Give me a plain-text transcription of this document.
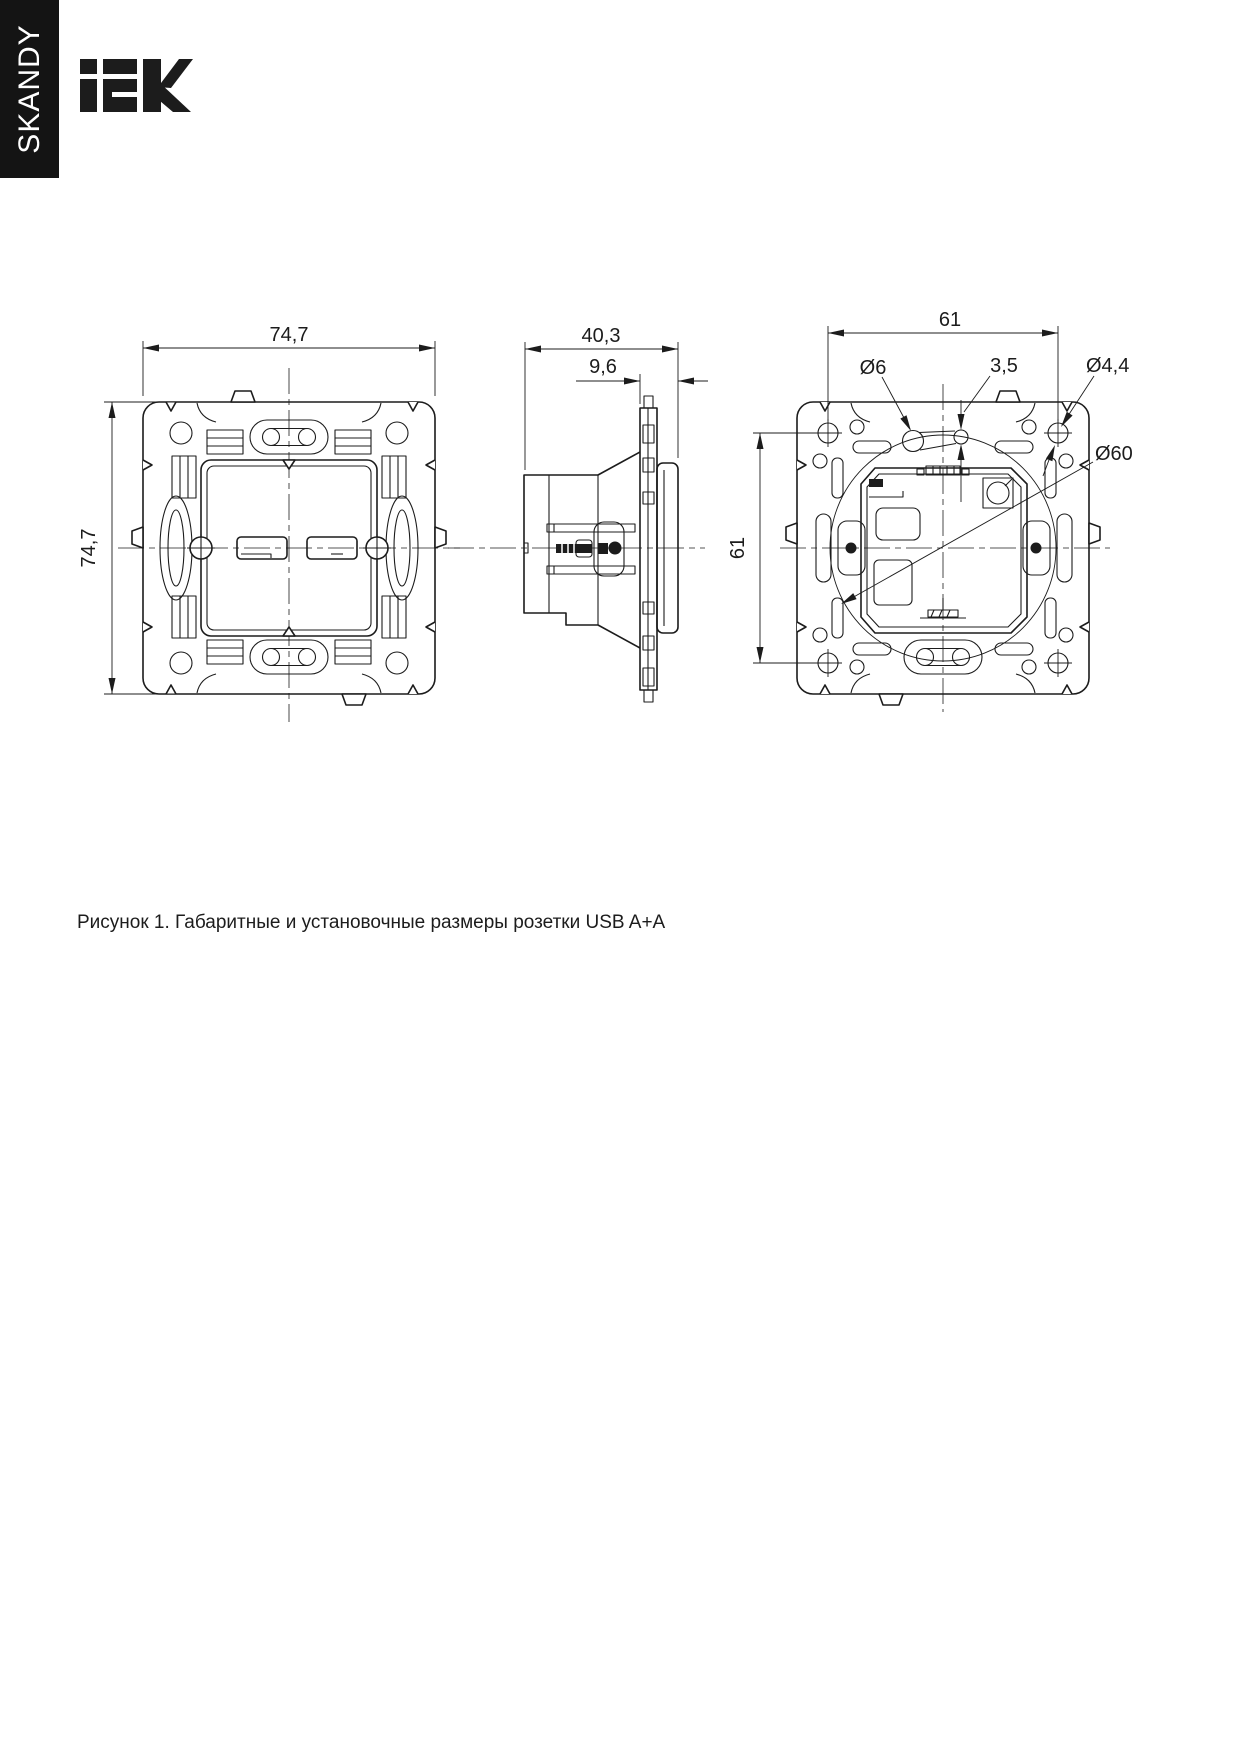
SKANDY
74,7
74,7
40,3
9,6
61
61
Ø6	3,5	Ø4,4
Ø60
Рисунок 1. Габаритные и установочные размеры розетки USB A+A
